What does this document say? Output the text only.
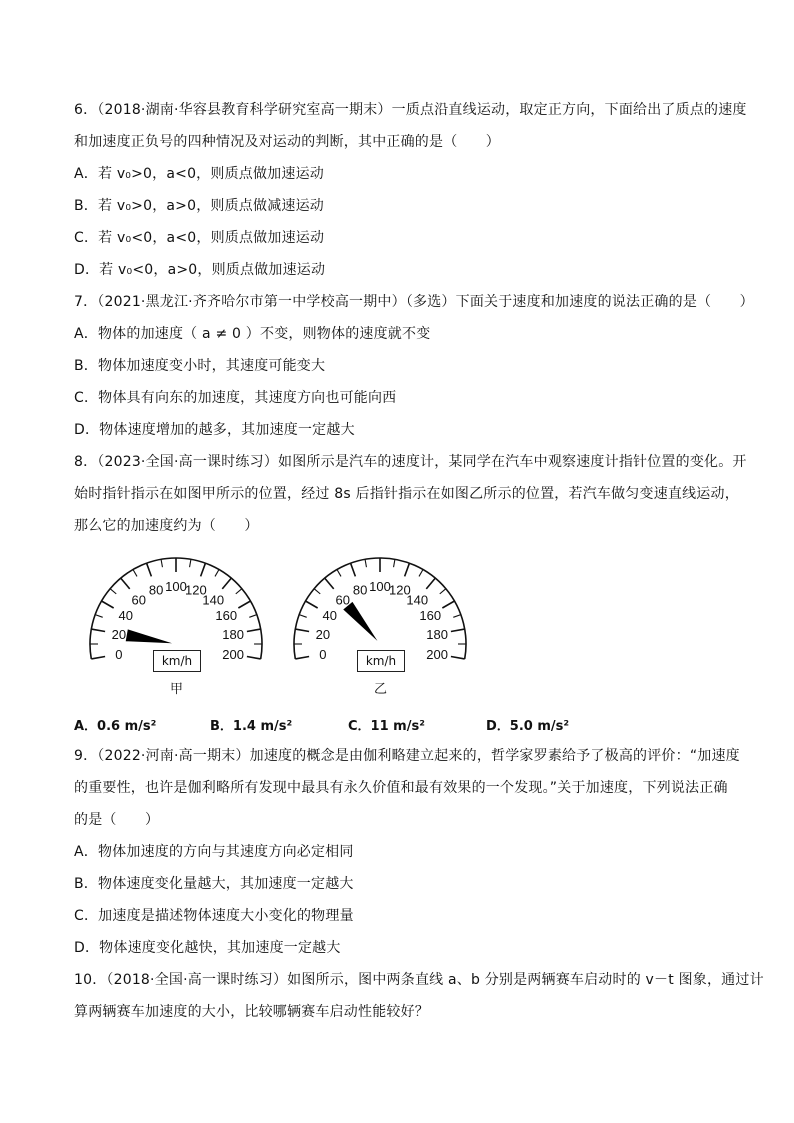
6．（2018·湖南·华容县教育科学研究室高一期末）一质点沿直线运动，取定正方向，下面给出了质点的速度
和加速度正负号的四种情况及对运动的判断，其中正确的是（　　）
A．若 v₀>0，a<0，则质点做加速运动
B．若 v₀>0，a>0，则质点做减速运动
C．若 v₀<0，a<0，则质点做加速运动
D．若 v₀<0，a>0，则质点做加速运动
7．（2021·黑龙江·齐齐哈尔市第一中学校高一期中）（多选）下面关于速度和加速度的说法正确的是（　　）
A．物体的加速度（ a ≠ 0 ）不变，则物体的速度就不变
B．物体加速度变小时，其速度可能变大
C．物体具有向东的加速度，其速度方向也可能向西
D．物体速度增加的越多，其加速度一定越大
8．（2023·全国·高一课时练习）如图所示是汽车的速度计，某同学在汽车中观察速度计指针位置的变化。开
始时指针指示在如图甲所示的位置，经过 8s 后指针指示在如图乙所示的位置，若汽车做匀变速直线运动，
那么它的加速度约为（　　）
0
20
40
60
80 100
120
140
160
180
200	0
20
40
60
80 100
120
140
160
180
200
km/h	km/h
甲	乙
A．0.6 m/s²	B．1.4 m/s²	C．11 m/s²	D．5.0 m/s²
9．（2022·河南·高一期末）加速度的概念是由伽利略建立起来的，哲学家罗素给予了极高的评价：“加速度
的重要性，也许是伽利略所有发现中最具有永久价值和最有效果的一个发现。”关于加速度，下列说法正确
的是（　　）
A．物体加速度的方向与其速度方向必定相同
B．物体速度变化量越大，其加速度一定越大
C．加速度是描述物体速度大小变化的物理量
D．物体速度变化越快，其加速度一定越大
10．（2018·全国·高一课时练习）如图所示，图中两条直线 a、b 分别是两辆赛车启动时的 v－t 图象，通过计
算两辆赛车加速度的大小，比较哪辆赛车启动性能较好？
